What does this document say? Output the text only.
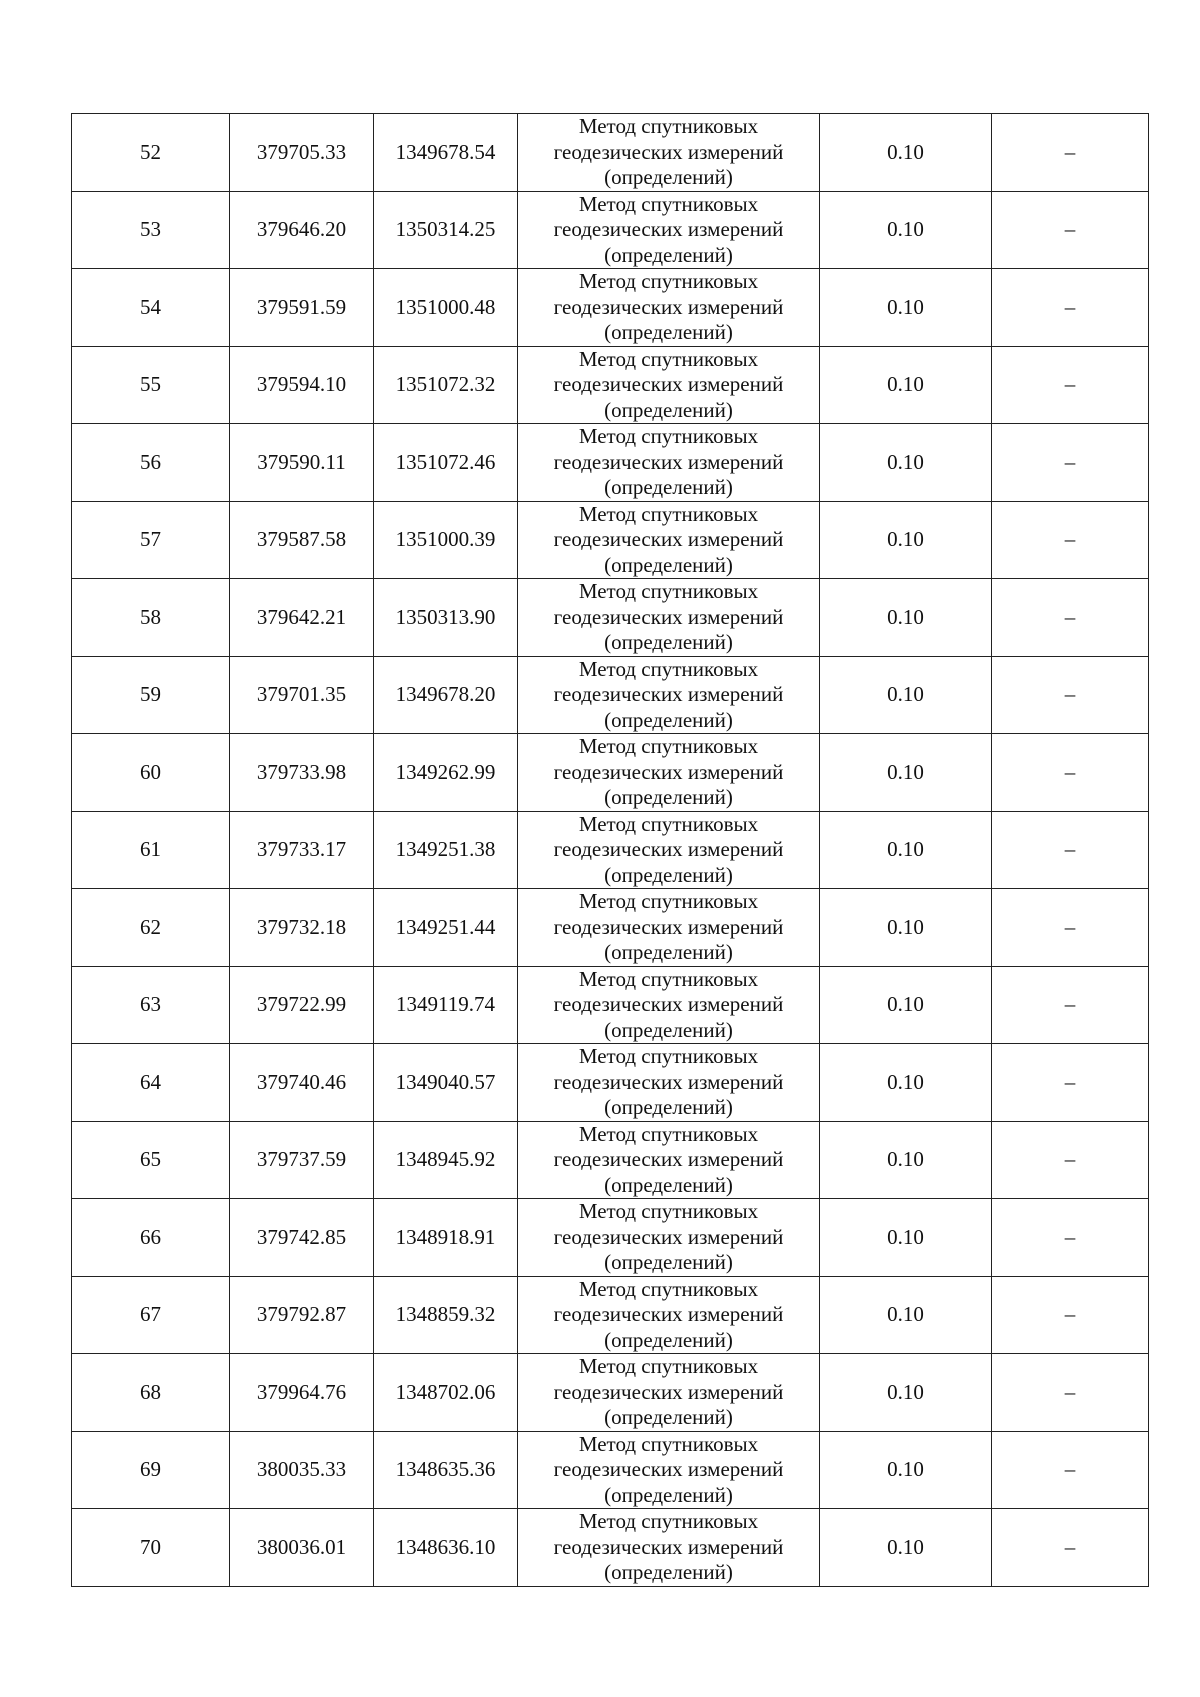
52	379705.33	1349678.54	Метод спутниковых
геодезических измерений
(определений)	0.10	–
53	379646.20	1350314.25	Метод спутниковых
геодезических измерений
(определений)	0.10	–
54	379591.59	1351000.48	Метод спутниковых
геодезических измерений
(определений)	0.10	–
55	379594.10	1351072.32	Метод спутниковых
геодезических измерений
(определений)	0.10	–
56	379590.11	1351072.46	Метод спутниковых
геодезических измерений
(определений)	0.10	–
57	379587.58	1351000.39	Метод спутниковых
геодезических измерений
(определений)	0.10	–
58	379642.21	1350313.90	Метод спутниковых
геодезических измерений
(определений)	0.10	–
59	379701.35	1349678.20	Метод спутниковых
геодезических измерений
(определений)	0.10	–
60	379733.98	1349262.99	Метод спутниковых
геодезических измерений
(определений)	0.10	–
61	379733.17	1349251.38	Метод спутниковых
геодезических измерений
(определений)	0.10	–
62	379732.18	1349251.44	Метод спутниковых
геодезических измерений
(определений)	0.10	–
63	379722.99	1349119.74	Метод спутниковых
геодезических измерений
(определений)	0.10	–
64	379740.46	1349040.57	Метод спутниковых
геодезических измерений
(определений)	0.10	–
65	379737.59	1348945.92	Метод спутниковых
геодезических измерений
(определений)	0.10	–
66	379742.85	1348918.91	Метод спутниковых
геодезических измерений
(определений)	0.10	–
67	379792.87	1348859.32	Метод спутниковых
геодезических измерений
(определений)	0.10	–
68	379964.76	1348702.06	Метод спутниковых
геодезических измерений
(определений)	0.10	–
69	380035.33	1348635.36	Метод спутниковых
геодезических измерений
(определений)	0.10	–
70	380036.01	1348636.10	Метод спутниковых
геодезических измерений
(определений)	0.10	–
